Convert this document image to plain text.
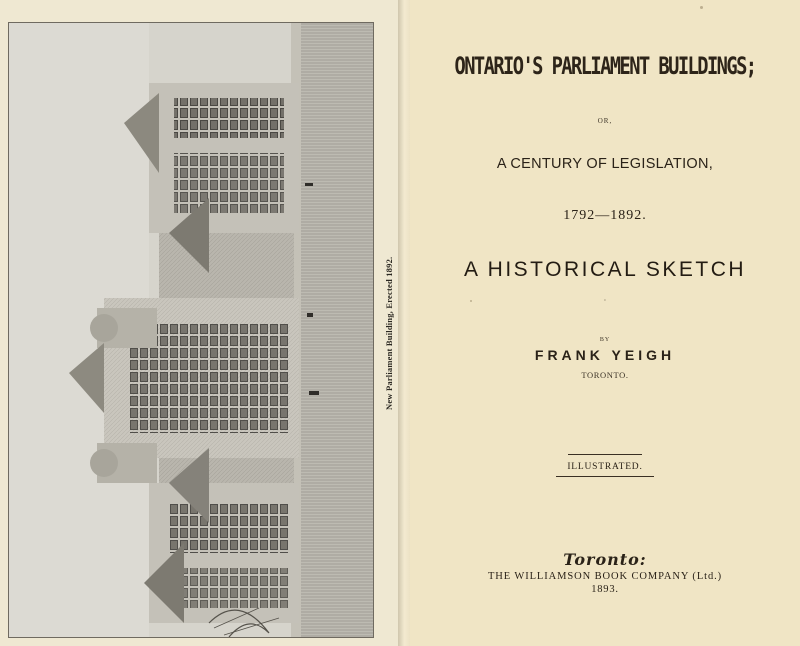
New Parliament Building, Erected 1892.
ONTARIO'S PARLIAMENT BUILDINGS;
OR,
A CENTURY OF LEGISLATION,
1792—1892.
A HISTORICAL SKETCH
·
BY
FRANK YEIGH
TORONTO.
ILLUSTRATED.
Toronto:
THE WILLIAMSON BOOK COMPANY (Ltd.)
1893.
